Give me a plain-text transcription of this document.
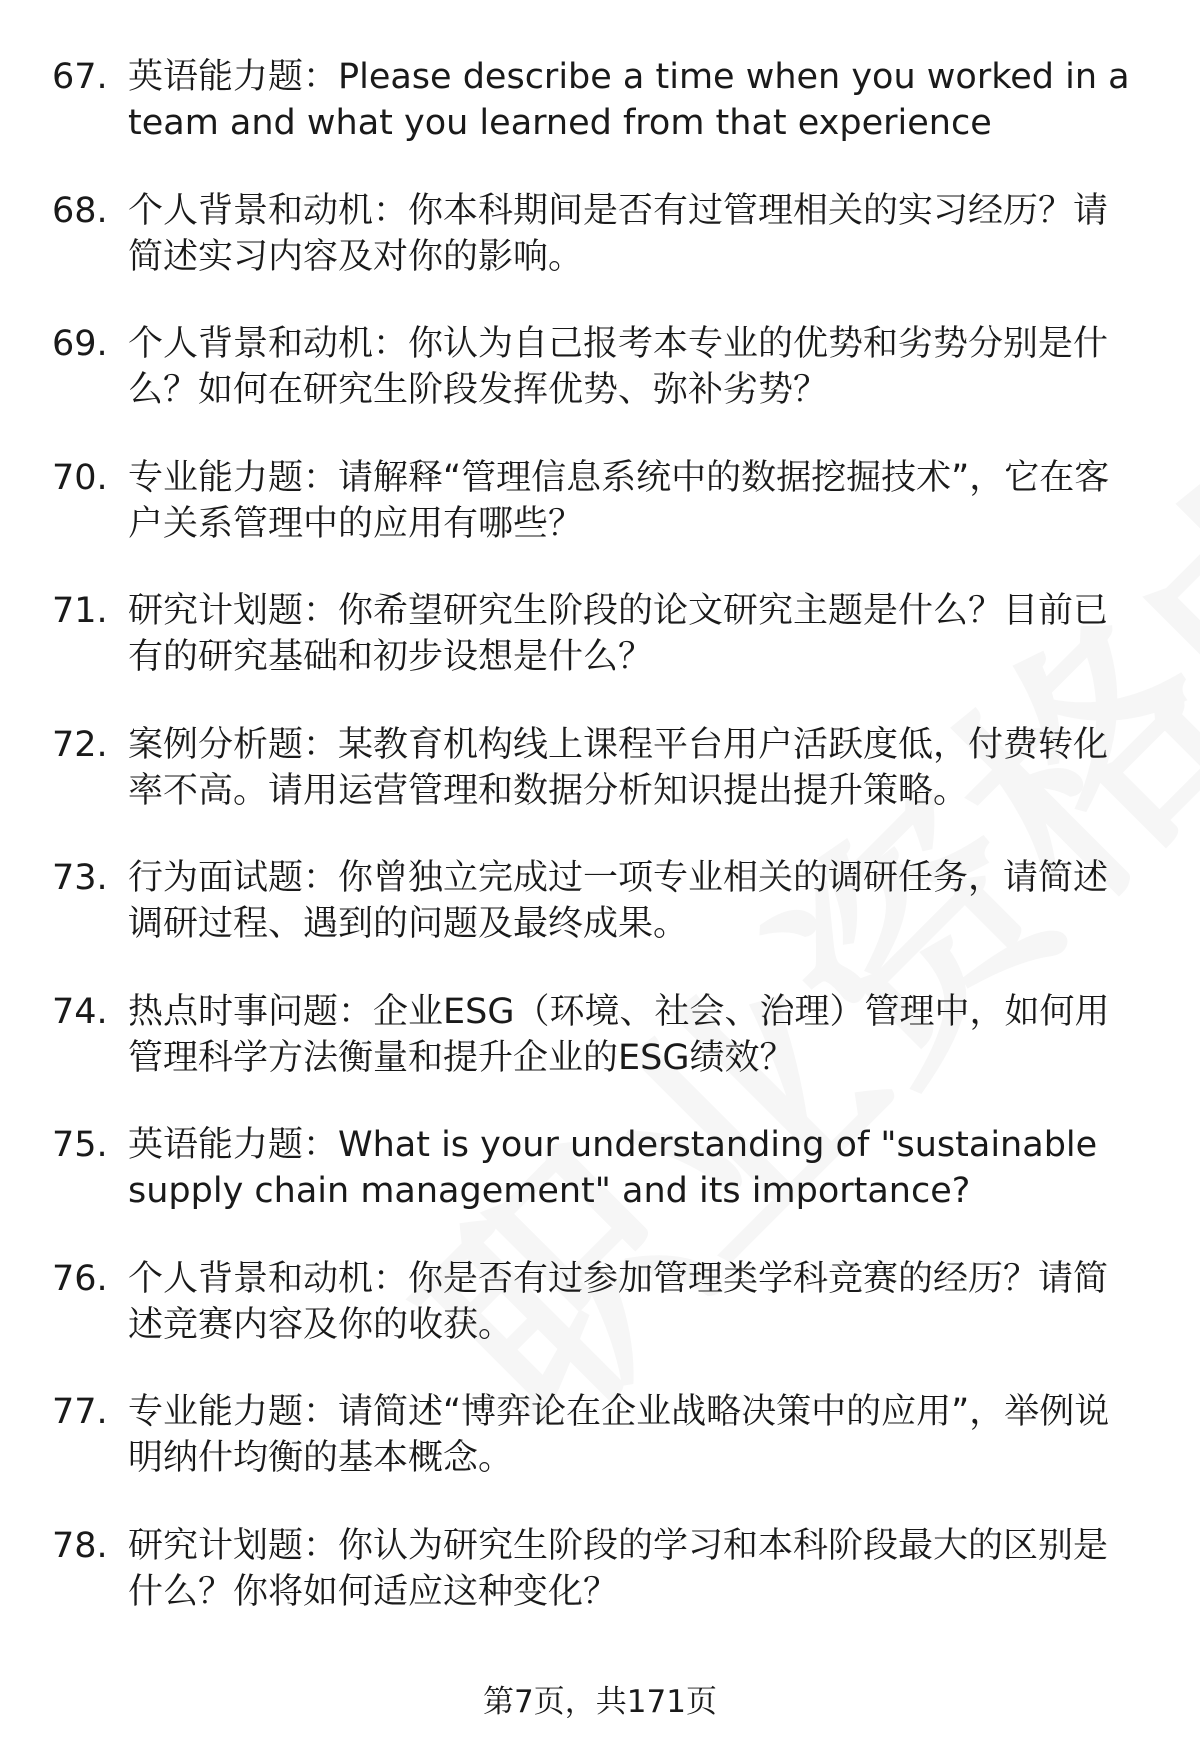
67. 英语能力题：Please describe a time when you worked in a team and what you learned from that experience
68. 个人背景和动机：你本科期间是否有过管理相关的实习经历？请简述实习内容及对你的影响。
69. 个人背景和动机：你认为自己报考本专业的优势和劣势分别是什么？如何在研究生阶段发挥优势、弥补劣势？
70. 专业能力题：请解释“管理信息系统中的数据挖掘技术”，它在客户关系管理中的应用有哪些？
71. 研究计划题：你希望研究生阶段的论文研究主题是什么？目前已有的研究基础和初步设想是什么？
72. 案例分析题：某教育机构线上课程平台用户活跃度低，付费转化率不高。请用运营管理和数据分析知识提出提升策略。
73. 行为面试题：你曾独立完成过一项专业相关的调研任务，请简述调研过程、遇到的问题及最终成果。
74. 热点时事问题：企业ESG（环境、社会、治理）管理中，如何用管理科学方法衡量和提升企业的ESG绩效？
75. 英语能力题：What is your understanding of "sustainable supply chain management" and its importance?
76. 个人背景和动机：你是否有过参加管理类学科竞赛的经历？请简述竞赛内容及你的收获。
77. 专业能力题：请简述“博弈论在企业战略决策中的应用”，举例说明纳什均衡的基本概念。
78. 研究计划题：你认为研究生阶段的学习和本科阶段最大的区别是什么？你将如何适应这种变化？
第7页，共171页
